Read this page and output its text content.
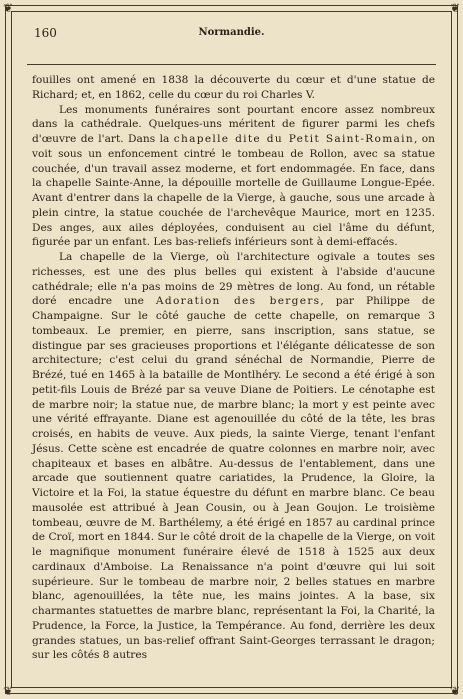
❦	❦
❦	❦
160	Normandie.

fouilles ont amené en 1838 la découverte du cœur et d'une statue de Richard; et, en 1862, celle du cœur du roi Charles V.

Les monuments funéraires sont pourtant encore assez nombreux dans la cathédrale. Quelques-uns méritent de figurer parmi les chefs d'œuvre de l'art. Dans la chapelle dite du Petit Saint-Romain, on voit sous un enfoncement cintré le tombeau de Rollon, avec sa statue couchée, d'un travail assez moderne, et fort endommagée. En face, dans la chapelle Sainte-Anne, la dépouille mortelle de Guillaume Longue-Epée. Avant d'entrer dans la chapelle de la Vierge, à gauche, sous une arcade à plein cintre, la statue couchée de l'archevêque Maurice, mort en 1235. Des anges, aux ailes déployées, conduisent au ciel l'âme du défunt, figurée par un enfant. Les bas-reliefs inférieurs sont à demi-effacés.

La chapelle de la Vierge, où l'architecture ogivale a toutes ses richesses, est une des plus belles qui existent à l'abside d'aucune cathédrale; elle n'a pas moins de 29 mètres de long. Au fond, un rétable doré encadre une Adoration des bergers, par Philippe de Champaigne. Sur le côté gauche de cette chapelle, on remarque 3 tombeaux. Le premier, en pierre, sans inscription, sans statue, se distingue par ses gracieuses proportions et l'élégante délicatesse de son architecture; c'est celui du grand sénéchal de Normandie, Pierre de Brézé, tué en 1465 à la bataille de Montlhéry. Le second a été érigé à son petit-fils Louis de Brézé par sa veuve Diane de Poitiers. Le cénotaphe est de marbre noir; la statue nue, de marbre blanc; la mort y est peinte avec une vérité effrayante. Diane est agenouillée du côté de la tête, les bras croisés, en habits de veuve. Aux pieds, la sainte Vierge, tenant l'enfant Jésus. Cette scène est encadrée de quatre colonnes en marbre noir, avec chapiteaux et bases en albâtre. Au-dessus de l'entablement, dans une arcade que soutiennent quatre cariatides, la Prudence, la Gloire, la Victoire et la Foi, la statue équestre du défunt en marbre blanc. Ce beau mausolée est attribué à Jean Cousin, ou à Jean Goujon. Le troisième tombeau, œuvre de M. Barthélemy, a été érigé en 1857 au cardinal prince de Croï, mort en 1844. Sur le côté droit de la chapelle de la Vierge, on voit le magnifique monument funéraire élevé de 1518 à 1525 aux deux cardinaux d'Amboise. La Renaissance n'a point d'œuvre qui lui soit supérieure. Sur le tombeau de marbre noir, 2 belles statues en marbre blanc, agenouillées, la tête nue, les mains jointes. A la base, six charmantes statuettes de marbre blanc, représentant la Foi, la Charité, la Prudence, la Force, la Justice, la Tempérance. Au fond, derrière les deux grandes statues, un bas-relief offrant Saint-Georges terrassant le dragon; sur les côtés 8 autres
